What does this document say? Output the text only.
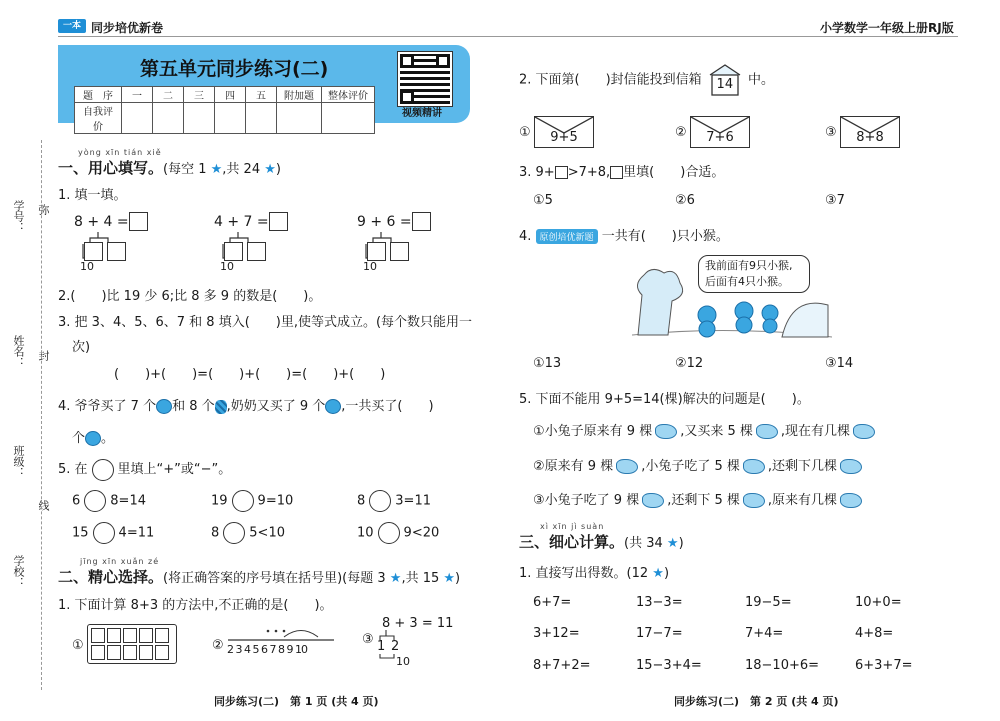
一本 同步培优新卷	小学数学一年级上册RJ版
学号：
姓名：
班级：
学校：
弥
封
线
第五单元同步练习(二)
题　序	一	二	三	四	五	附加题	整体评价
自我评价							
视频精讲
yòng xīn tián xiě
一、用心填写。(每空 1 ★,共 24 ★)
1. 填一填。
8 + 4 =
10
4 + 7 =
10
9 + 6 =
10
2.(　　)比 19 少 6;比 8 多 9 的数是(　　)。
3. 把 3、4、5、6、7 和 8 填入(　　)里,使等式成立。(每个数只能用一
次)
(　　)+(　　)=(　　)+(　　)=(　　)+(　　)
4. 爷爷买了 7 个 和 8 个 ,奶奶又买了 9 个 ,一共买了(　　)
个 。
5. 在 里填上“+”或“−”。
6 8=14	19 9=10	8 3=11
15 4=11	8 5<10	10 9<20
jīng xīn xuǎn zé
二、精心选择。(将正确答案的序号填在括号里)(每题 3 ★,共 15 ★)
1. 下面计算 8+3 的方法中,不正确的是(　　)。
①	② 2 3 4 5 6 7 8 9 10
③
8 + 3 = 11
1 2
10
同步练习(二)　第 1 页 (共 4 页)
2. 下面第(　　)封信能投到信箱	14	中。
①	9+5	②	7+6	③	8+8
3. 9+ >7+8, 里填(　　)合适。
①5	②6	③7
4. 原创培优新题 一共有(　　)只小猴。
我前面有9只小猴,
后面有4只小猴。
①13	②12	③14
5. 下面不能用 9+5=14(棵)解决的问题是(　　)。
①小兔子原来有 9 棵 ,又买来 5 棵 ,现在有几棵
②原来有 9 棵 ,小兔子吃了 5 棵 ,还剩下几棵
③小兔子吃了 9 棵 ,还剩下 5 棵 ,原来有几棵
xì xīn jì suàn
三、细心计算。(共 34 ★)
1. 直接写出得数。(12 ★)
6+7=	13−3=	19−5=	10+0=
3+12=	17−7=	7+4=	4+8=
8+7+2=	15−3+4=	18−10+6=	6+3+7=
同步练习(二)　第 2 页 (共 4 页)
